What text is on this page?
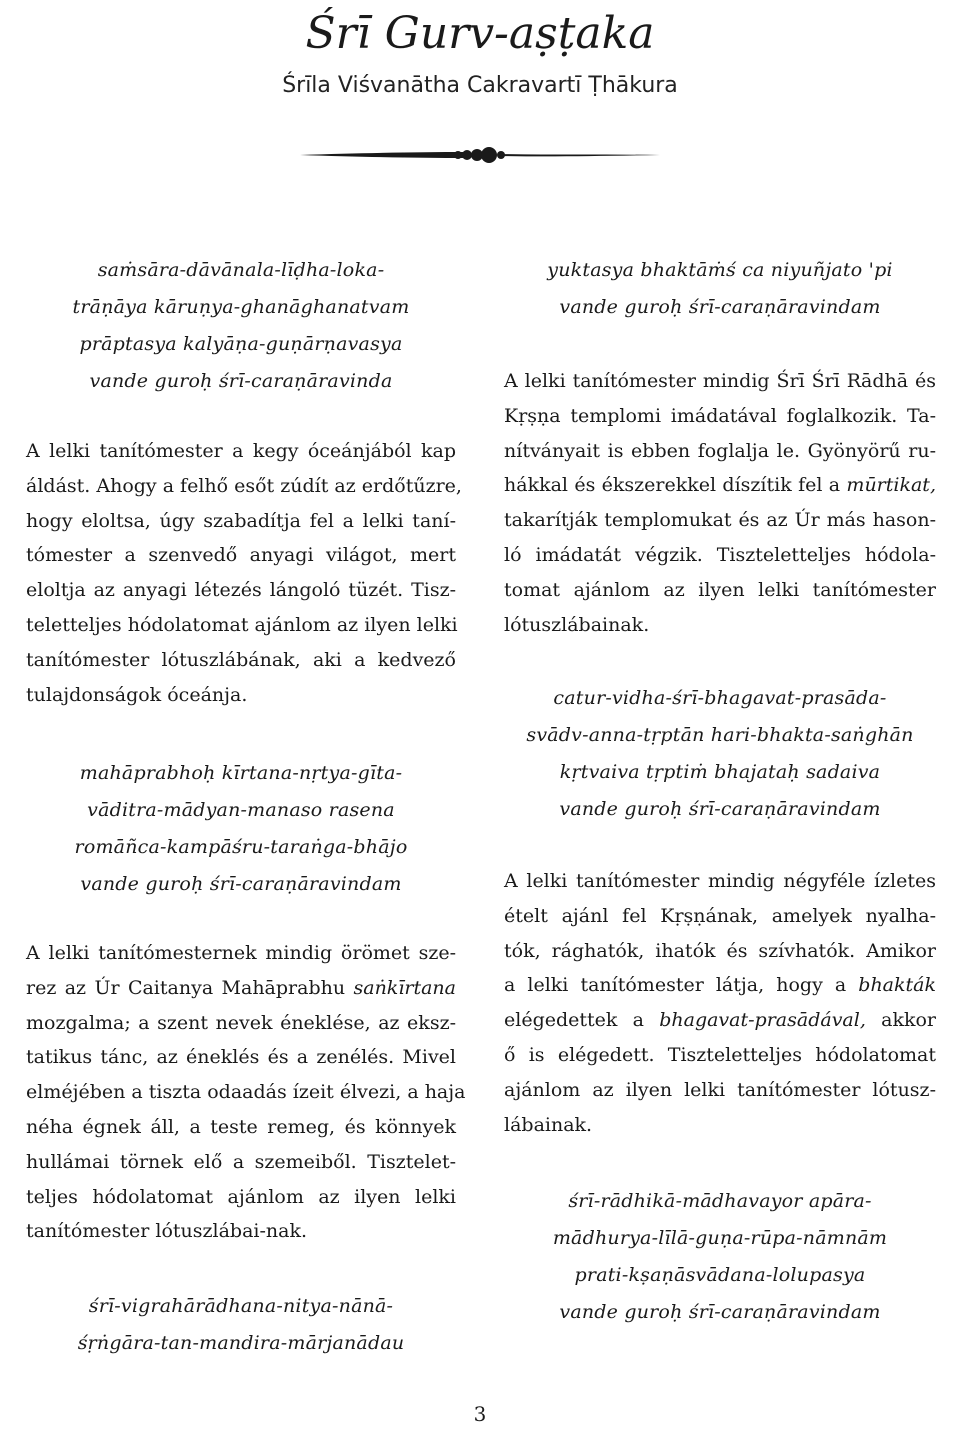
Śrī Gurv-aṣṭaka
Śrīla Viśvanātha Cakravartī Ṭhākura
saṁsāra-dāvānala-līḍha-loka-
trāṇāya kāruṇya-ghanāghanatvam
prāptasya kalyāṇa-guṇārṇavasya
vande guroḥ śrī-caraṇāravinda
A lelki tanítómester a kegy óceánjából kap
áldást. Ahogy a felhő esőt zúdít az erdőtűzre,
hogy eloltsa, úgy szabadítja fel a lelki taní-
tómester a szenvedő anyagi világot, mert
eloltja az anyagi létezés lángoló tüzét. Tisz-
teletteljes hódolatomat ajánlom az ilyen lelki
tanítómester lótuszlábának, aki a kedvező
tulajdonságok óceánja.
mahāprabhoḥ kīrtana-nṛtya-gīta-
vāditra-mādyan-manaso rasena
romāñca-kampāśru-taraṅga-bhājo
vande guroḥ śrī-caraṇāravindam
A lelki tanítómesternek mindig örömet sze-
rez az Úr Caitanya Mahāprabhu saṅkīrtana
mozgalma; a szent nevek éneklése, az eksz-
tatikus tánc, az éneklés és a zenélés. Mivel
elméjében a tiszta odaadás ízeit élvezi, a haja
néha égnek áll, a teste remeg, és könnyek
hullámai törnek elő a szemeiből. Tisztelet-
teljes hódolatomat ajánlom az ilyen lelki
tanítómester lótuszlábai-nak.
śrī-vigrahārādhana-nitya-nānā-
śṛṅgāra-tan-mandira-mārjanādau
yuktasya bhaktāṁś ca niyuñjato 'pi
vande guroḥ śrī-caraṇāravindam
A lelki tanítómester mindig Śrī Śrī Rādhā és
Kṛṣṇa templomi imádatával foglalkozik. Ta-
nítványait is ebben foglalja le. Gyönyörű ru-
hákkal és ékszerekkel díszítik fel a mūrtikat,
takarítják templomukat és az Úr más hason-
ló imádatát végzik. Tiszteletteljes hódola-
tomat ajánlom az ilyen lelki tanítómester
lótuszlábainak.
catur-vidha-śrī-bhagavat-prasāda-
svādv-anna-tṛptān hari-bhakta-saṅghān
kṛtvaiva tṛptiṁ bhajataḥ sadaiva
vande guroḥ śrī-caraṇāravindam
A lelki tanítómester mindig négyféle ízletes
ételt ajánl fel Kṛṣṇának, amelyek nyalha-
tók, rághatók, ihatók és szívhatók. Amikor
a lelki tanítómester látja, hogy a bhakták
elégedettek a bhagavat-prasādával, akkor
ő is elégedett. Tiszteletteljes hódolatomat
ajánlom az ilyen lelki tanítómester lótusz-
lábainak.
śrī-rādhikā-mādhavayor apāra-
mādhurya-līlā-guṇa-rūpa-nāmnām
prati-kṣaṇāsvādana-lolupasya
vande guroḥ śrī-caraṇāravindam
3
